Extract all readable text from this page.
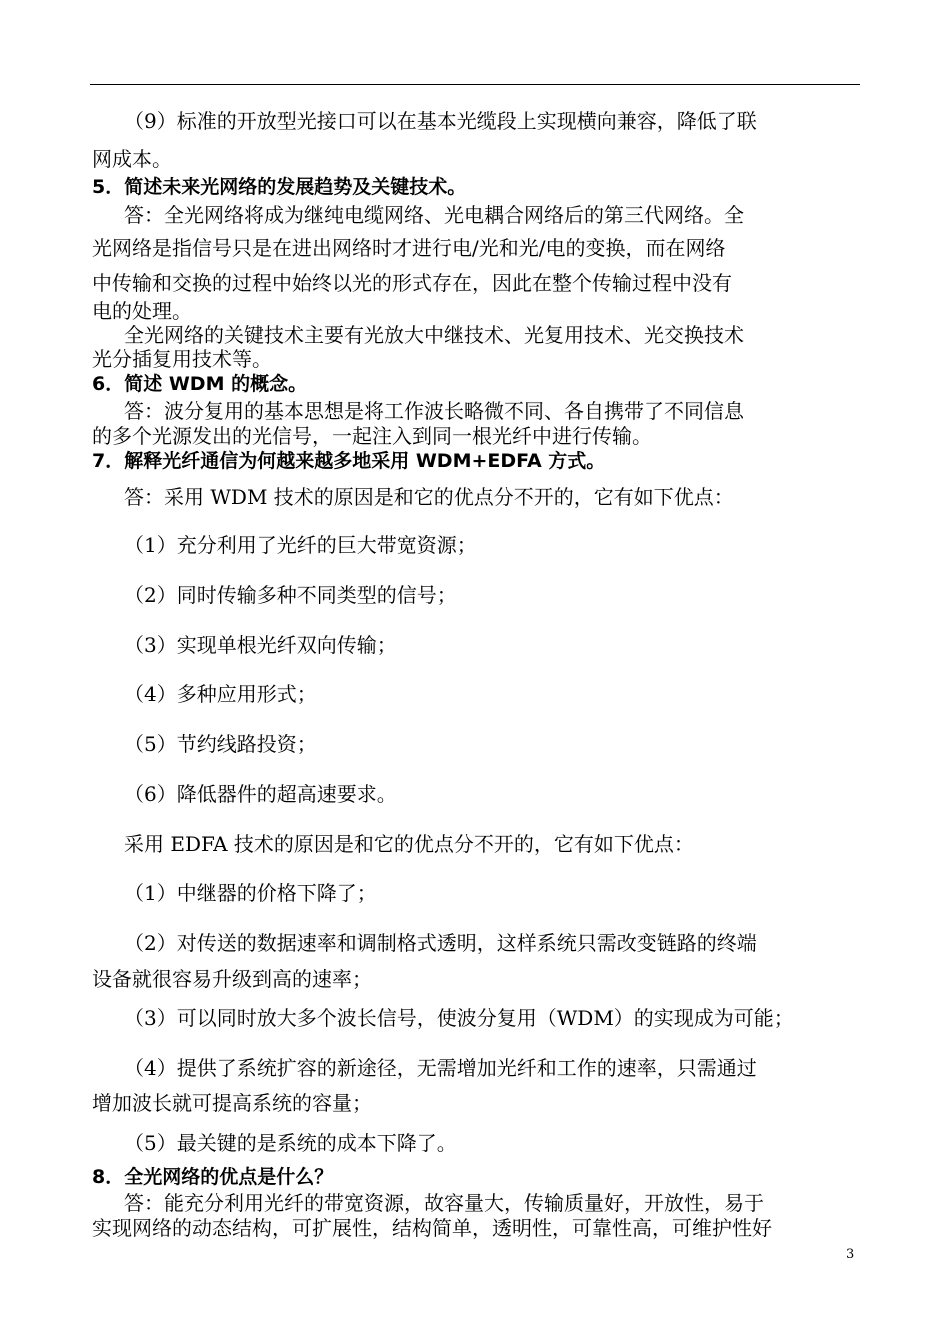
（9）标准的开放型光接口可以在基本光缆段上实现横向兼容，降低了联
网成本。
5．简述未来光网络的发展趋势及关键技术。
答：全光网络将成为继纯电缆网络、光电耦合网络后的第三代网络。全
光网络是指信号只是在进出网络时才进行电/光和光/电的变换，而在网络
中传输和交换的过程中始终以光的形式存在，因此在整个传输过程中没有
电的处理。
全光网络的关键技术主要有光放大中继技术、光复用技术、光交换技术
光分插复用技术等。
6．简述 WDM 的概念。
答：波分复用的基本思想是将工作波长略微不同、各自携带了不同信息
的多个光源发出的光信号，一起注入到同一根光纤中进行传输。
7．解释光纤通信为何越来越多地采用 WDM+EDFA 方式。
答：采用 WDM 技术的原因是和它的优点分不开的，它有如下优点：
（1）充分利用了光纤的巨大带宽资源；
（2）同时传输多种不同类型的信号；
（3）实现单根光纤双向传输；
（4）多种应用形式；
（5）节约线路投资；
（6）降低器件的超高速要求。
采用 EDFA 技术的原因是和它的优点分不开的，它有如下优点：
（1）中继器的价格下降了；
（2）对传送的数据速率和调制格式透明，这样系统只需改变链路的终端
设备就很容易升级到高的速率；
（3）可以同时放大多个波长信号，使波分复用（WDM）的实现成为可能；
（4）提供了系统扩容的新途径，无需增加光纤和工作的速率，只需通过
增加波长就可提高系统的容量；
（5）最关键的是系统的成本下降了。
8．全光网络的优点是什么？
答：能充分利用光纤的带宽资源，故容量大，传输质量好，开放性，易于
实现网络的动态结构，可扩展性，结构简单，透明性，可靠性高，可维护性好
3
